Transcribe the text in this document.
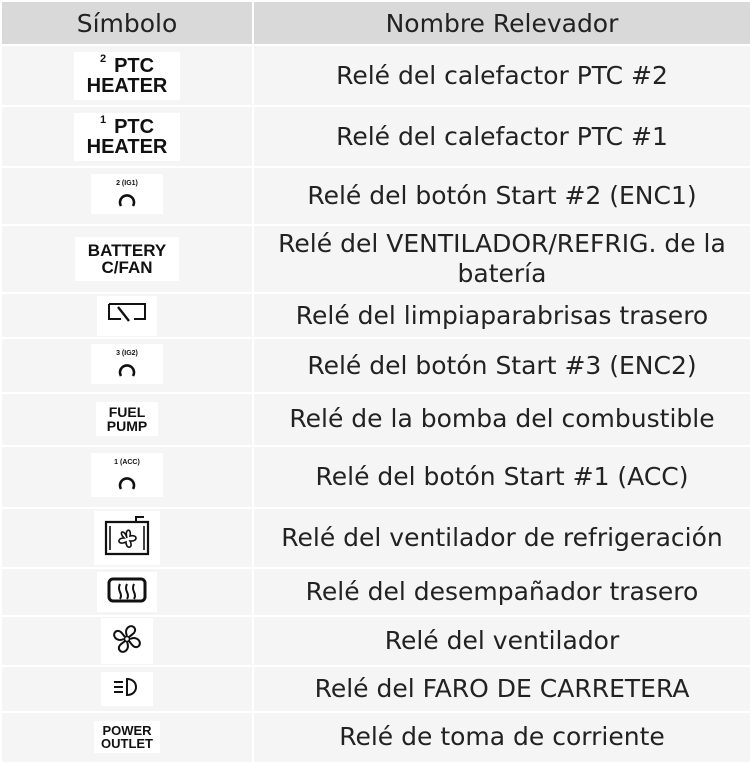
Símbolo	Nombre Relevador
$^2$ PTC
HEATER	Relé del calefactor PTC #2
$^1$ PTC
HEATER	Relé del calefactor PTC #1

2 (IG1)	Relé del botón Start #2 (ENC1)
BATTERY
C/FAN	Relé del VENTILADOR/REFRIG. de la batería
	Relé del limpiaparabrisas trasero

3 (IG2)	Relé del botón Start #3 (ENC2)
FUEL
PUMP	Relé de la bomba del combustible

1 (ACC)	Relé del botón Start #1 (ACC)
	Relé del ventilador de refrigeración
	Relé del desempañador trasero
	Relé del ventilador
	Relé del FARO DE CARRETERA
POWER
OUTLET	Relé de toma de corriente
